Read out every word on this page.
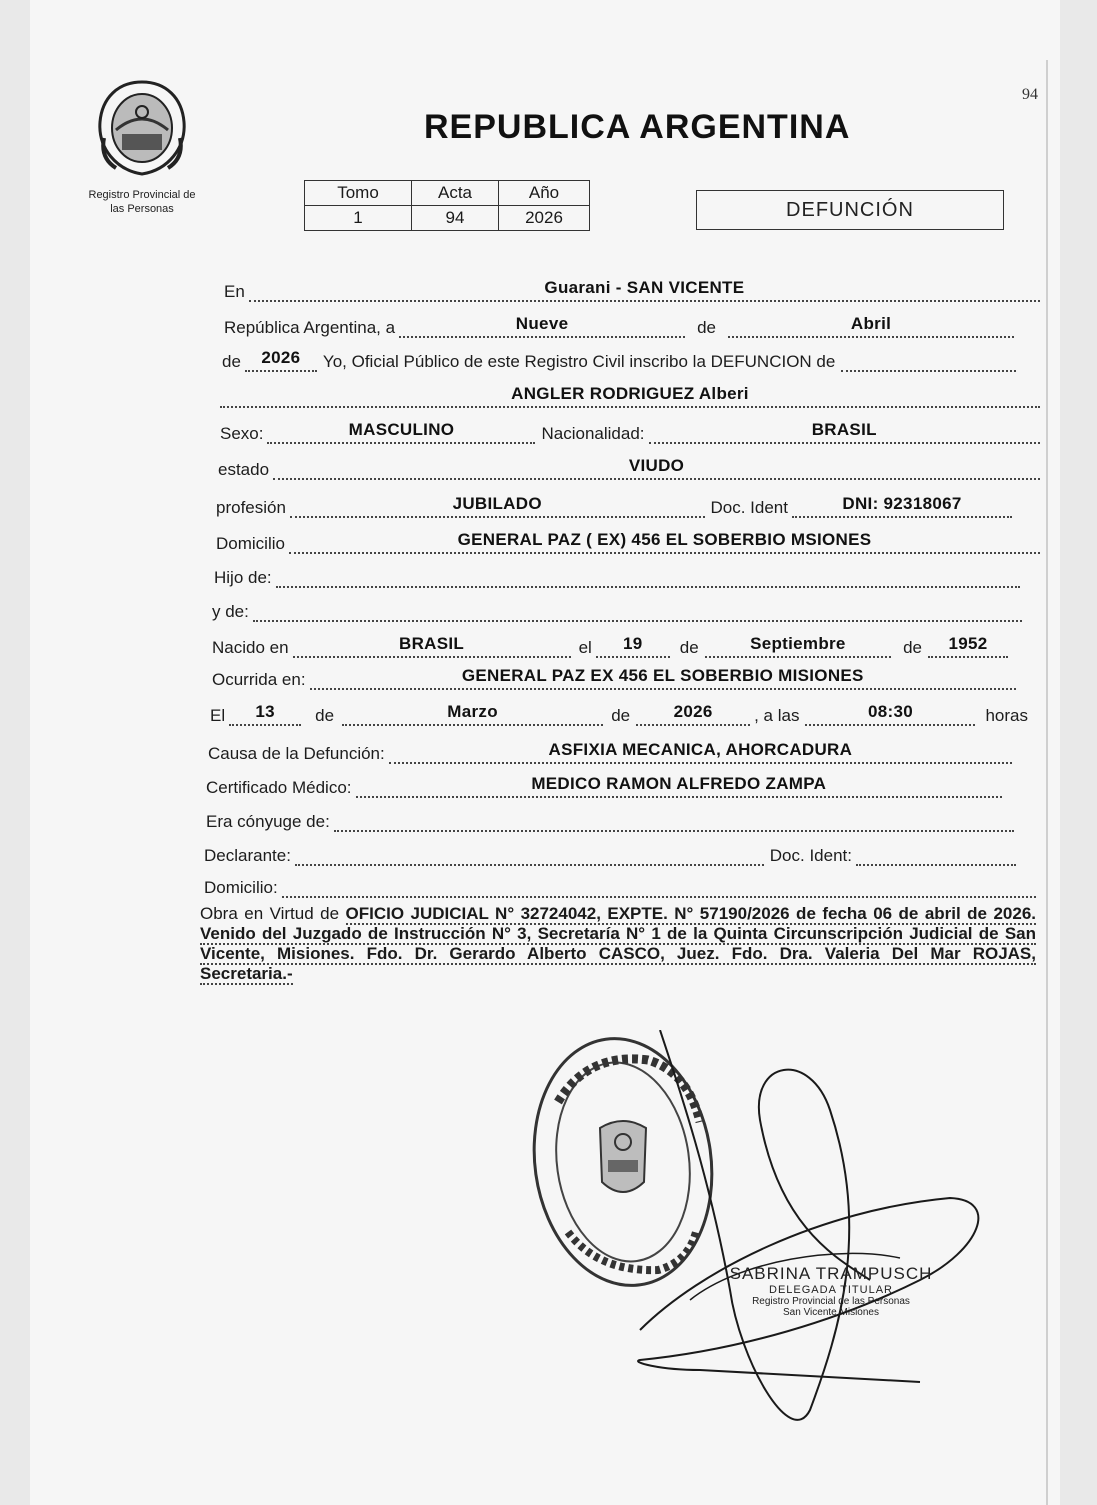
94
Registro Provincial de
las Personas
REPUBLICA ARGENTINA
Tomo	Acta	Año
1	94	2026	DEFUNCIÓN
En	Guarani - SAN VICENTE
República Argentina, a	Nueve	de	Abril
de	2026	Yo, Oficial Público de este Registro Civil inscribo la DEFUNCION de
ANGLER RODRIGUEZ Alberi
Sexo:	MASCULINO	Nacionalidad:	BRASIL
estado	VIUDO
profesión	JUBILADO	Doc. Ident	DNI: 92318067
Domicilio	GENERAL PAZ ( EX) 456 EL SOBERBIO MSIONES
Hijo de:
y de:
Nacido en	BRASIL	el	19	de	Septiembre	de	1952
Ocurrida en:	GENERAL PAZ EX 456 EL SOBERBIO MISIONES
El	13	de	Marzo	de	2026	, a las	08:30	horas
Causa de la Defunción:	ASFIXIA MECANICA, AHORCADURA
Certificado Médico:	MEDICO RAMON ALFREDO ZAMPA
Era cónyuge de:
Declarante:	Doc. Ident:
Domicilio:
Obra en Virtud de OFICIO JUDICIAL N° 32724042, EXPTE. N° 57190/2026 de fecha 06 de abril de 2026. Venido del Juzgado de Instrucción N° 3, Secretaría N° 1 de la Quinta Circunscripción Judicial de San Vicente, Misiones. Fdo. Dr. Gerardo Alberto CASCO, Juez. Fdo. Dra. Valeria Del Mar ROJAS, Secretaria.-
SABRINA TRAMPUSCH
DELEGADA TITULAR
Registro Provincial de las Personas
San Vicente Misiones
